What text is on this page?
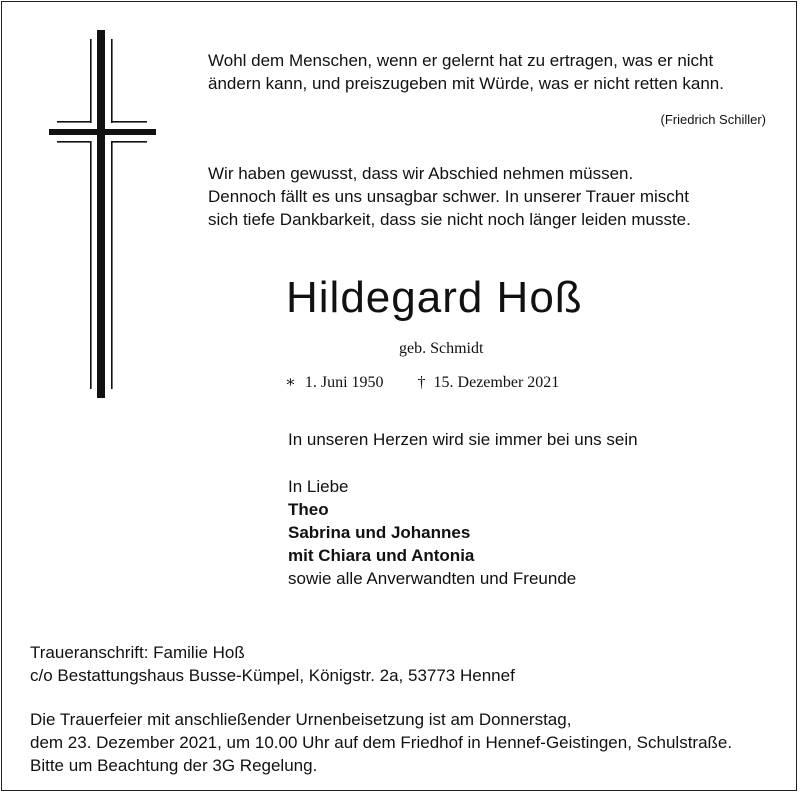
Wohl dem Menschen, wenn er gelernt hat zu ertragen, was er nicht
ändern kann, und preiszugeben mit Würde, was er nicht retten kann.
(Friedrich Schiller)
Wir haben gewusst, dass wir Abschied nehmen müssen.
Dennoch fällt es uns unsagbar schwer. In unserer Trauer mischt
sich tiefe Dankbarkeit, dass sie nicht noch länger leiden musste.
Hildegard Hoß
geb. Schmidt
∗ 1. Juni 1950 † 15. Dezember 2021
In unseren Herzen wird sie immer bei uns sein
In Liebe
Theo
Sabrina und Johannes
mit Chiara und Antonia
sowie alle Anverwandten und Freunde
Traueranschrift: Familie Hoß
c/o Bestattungshaus Busse-Kümpel, Königstr. 2a, 53773 Hennef
Die Trauerfeier mit anschließender Urnenbeisetzung ist am Donnerstag,
dem 23. Dezember 2021, um 10.00 Uhr auf dem Friedhof in Hennef-Geistingen, Schulstraße.
Bitte um Beachtung der 3G Regelung.
